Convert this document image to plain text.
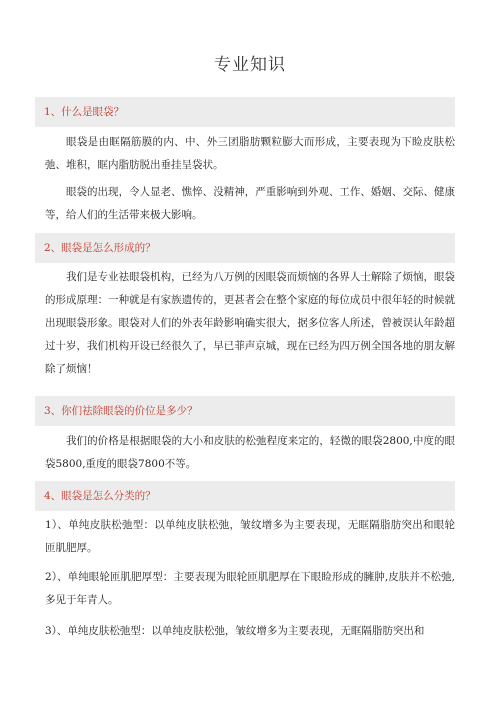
专业知识
1、什么是眼袋？

眼袋是由眶隔筋膜的内、中、外三团脂肪颗粒膨大而形成，主要表现为下睑皮肤松弛、堆积，眶内脂肪脱出垂挂呈袋状。

眼袋的出现，令人显老、憔悴、没精神，严重影响到外观、工作、婚姻、交际、健康等，给人们的生活带来极大影响。

2、眼袋是怎么形成的？

我们是专业祛眼袋机构，已经为八万例的因眼袋而烦恼的各界人士解除了烦恼，眼袋的形成原理：一种就是有家族遗传的，更甚者会在整个家庭的每位成员中很年轻的时候就出现眼袋形象。眼袋对人们的外表年龄影响确实很大，据多位客人所述，曾被误认年龄超过十岁，我们机构开设已经很久了，早已菲声京城，现在已经为四万例全国各地的朋友解除了烦恼！

3、你们祛除眼袋的价位是多少？

我们的价格是根据眼袋的大小和皮肤的松弛程度来定的，轻微的眼袋2800,中度的眼袋5800,重度的眼袋7800不等。

4、眼袋是怎么分类的？

1）、单纯皮肤松弛型：以单纯皮肤松弛，皱纹增多为主要表现，无眶隔脂肪突出和眼轮匝肌肥厚。

2）、单纯眼轮匝肌肥厚型：主要表现为眼轮匝肌肥厚在下眼睑形成的臃肿,皮肤并不松弛,多见于年青人。

3）、单纯皮肤松弛型：以单纯皮肤松弛，皱纹增多为主要表现，无眶隔脂肪突出和
